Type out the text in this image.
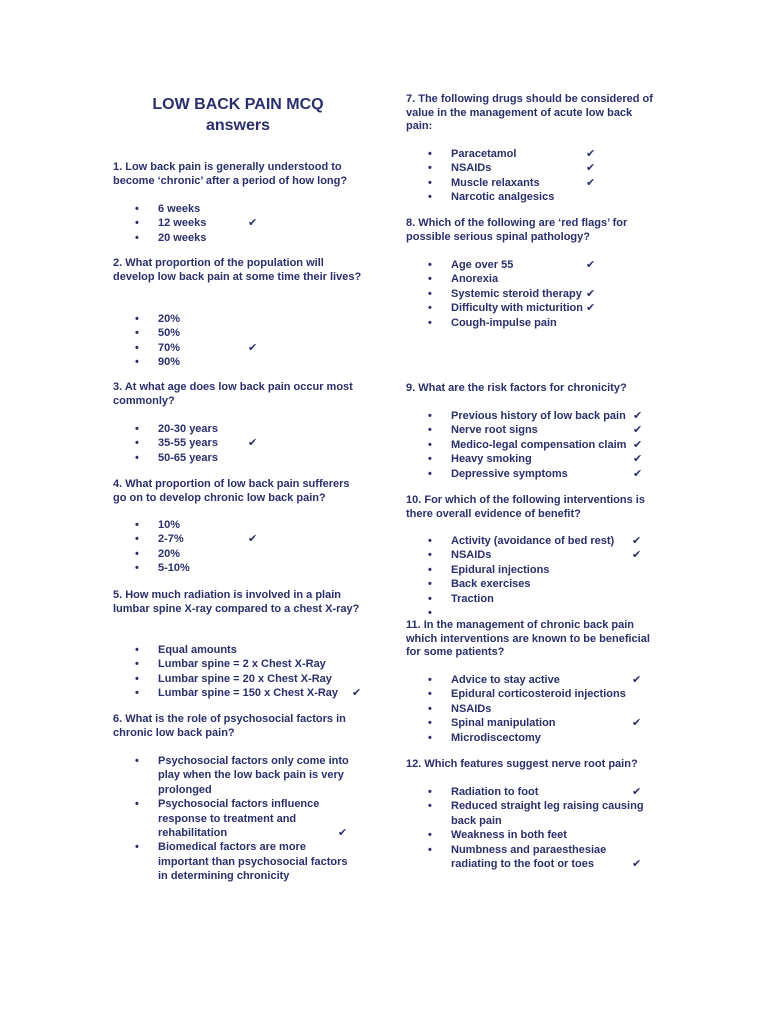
LOW BACK PAIN MCQ
answers
1. Low back pain is generally understood to become ‘chronic’ after a period of how long?
• 6 weeks
• 12 weeks
✔
• 20 weeks
2. What proportion of the population will develop low back pain at some time their lives?
• 20%
• 50%
• 70%
✔
• 90%
3. At what age does low back pain occur most commonly?
• 20-30 years
• 35-55 years
✔
• 50-65 years
4. What proportion of low back pain sufferers go on to develop chronic low back pain?
• 10%
• 2-7%
✔
• 20%
• 5-10%
5. How much radiation is involved in a plain lumbar spine X-ray compared to a chest X-ray?
• Equal amounts
• Lumbar spine = 2 x Chest X-Ray
• Lumbar spine = 20 x Chest X-Ray
• Lumbar spine = 150 x Chest X-Ray
✔
6. What is the role of psychosocial factors in chronic low back pain?
• Psychosocial factors only come into play when the low back pain is very prolonged
• Psychosocial factors influence response to treatment and rehabilitation
✔
• Biomedical factors are more important than psychosocial factors in determining chronicity
7. The following drugs should be considered of value in the management of acute low back pain:
• Paracetamol
✔
• NSAIDs
✔
• Muscle relaxants
✔
• Narcotic analgesics
8. Which of the following are ‘red flags’ for possible serious spinal pathology?
• Age over 55
✔
• Anorexia
• Systemic steroid therapy
✔
• Difficulty with micturition
✔
• Cough-impulse pain
9. What are the risk factors for chronicity?
• Previous history of low back pain
✔
• Nerve root signs
✔
• Medico-legal compensation claim
✔
• Heavy smoking
✔
• Depressive symptoms
✔
10. For which of the following interventions is there overall evidence of benefit?
• Activity (avoidance of bed rest)
✔
• NSAIDs
✔
• Epidural injections
• Back exercises
• Traction
•
11. In the management of chronic back pain which interventions are known to be beneficial for some patients?
• Advice to stay active
✔
• Epidural corticosteroid injections
• NSAIDs
• Spinal manipulation
✔
• Microdiscectomy
12. Which features suggest nerve root pain?
• Radiation to foot
✔
• Reduced straight leg raising causing back pain
• Weakness in both feet
• Numbness and paraesthesiae radiating to the foot or toes
✔
